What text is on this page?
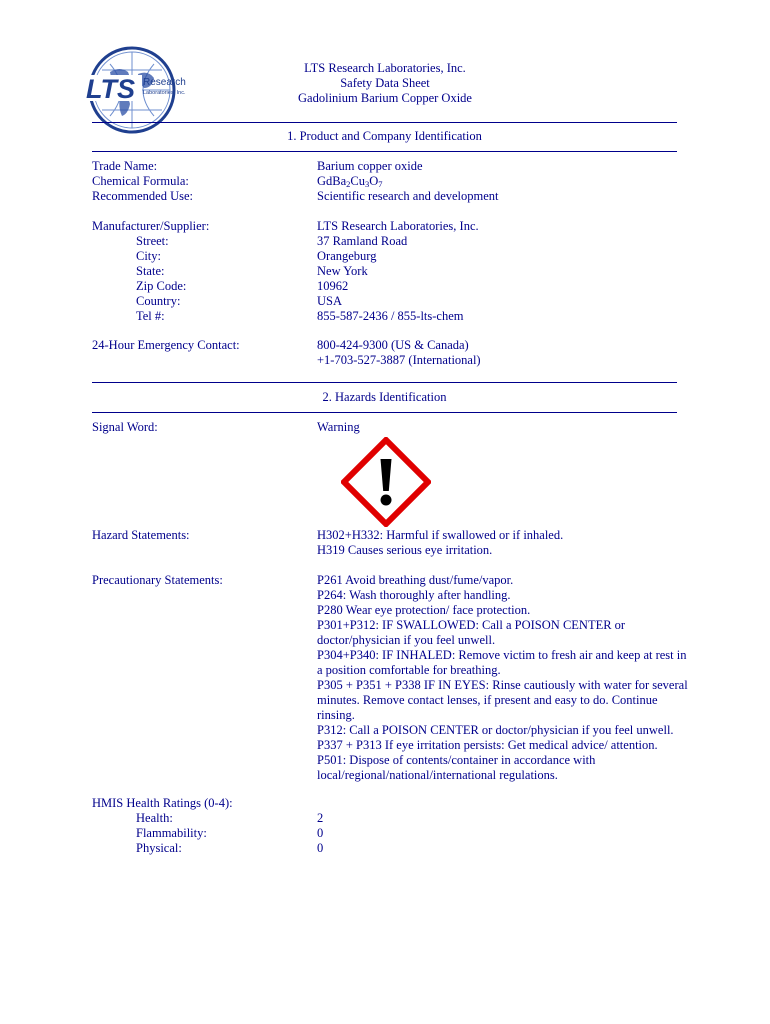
LTS Research
Laboratories, Inc.
LTS Research Laboratories, Inc.
Safety Data Sheet
Gadolinium Barium Copper Oxide
1. Product and Company Identification
Trade Name:	Barium copper oxide
Chemical Formula:	$GdBa_2Cu_3O_7$
Recommended Use:	Scientific research and development
Manufacturer/Supplier:	LTS Research Laboratories, Inc.
Street:	37 Ramland Road
City:	Orangeburg
State:	New York
Zip Code:	10962
Country:	USA
Tel #:	855-587-2436 / 855-lts-chem
24-Hour Emergency Contact:	800-424-9300 (US & Canada)
+1-703-527-3887 (International)
2. Hazards Identification
Signal Word:	Warning
Hazard Statements:	H302+H332: Harmful if swallowed or if inhaled.
H319 Causes serious eye irritation.
Precautionary Statements:	P261 Avoid breathing dust/fume/vapor.
P264: Wash thoroughly after handling.
P280 Wear eye protection/ face protection.
P301+P312: IF SWALLOWED: Call a POISON CENTER or doctor/physician if you feel unwell.
P304+P340: IF INHALED: Remove victim to fresh air and keep at rest in a position comfortable for breathing.
P305 + P351 + P338 IF IN EYES: Rinse cautiously with water for several minutes. Remove contact lenses, if present and easy to do. Continue rinsing.
P312: Call a POISON CENTER or doctor/physician if you feel unwell.
P337 + P313 If eye irritation persists: Get medical advice/ attention.
P501: Dispose of contents/container in accordance with local/regional/national/international regulations.
HMIS Health Ratings (0-4):
Health:	2
Flammability:	0
Physical:	0
